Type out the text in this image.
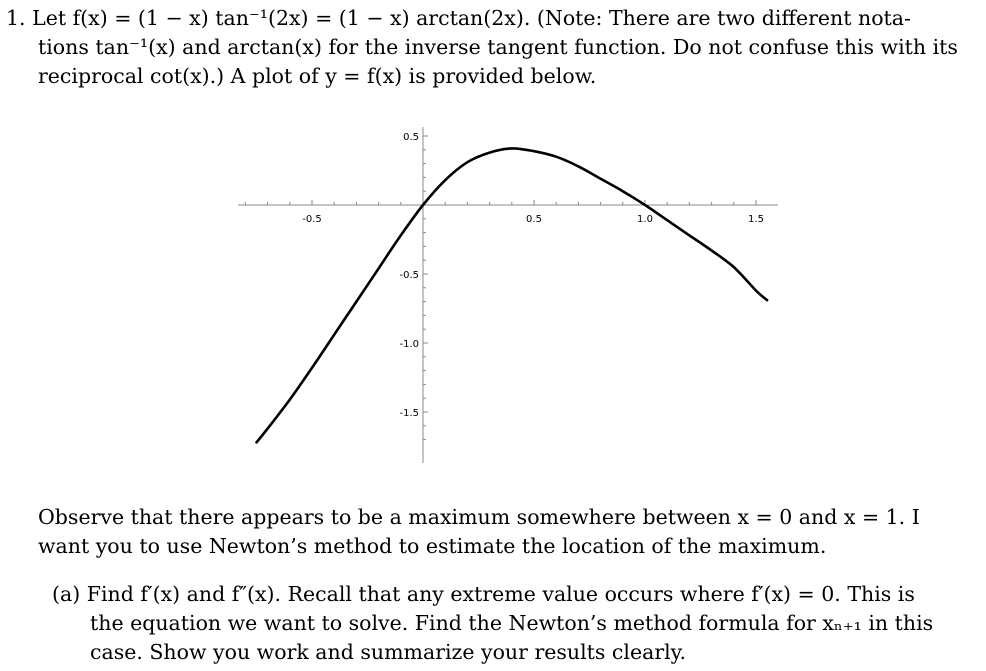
1. Let f(x) = (1 − x) tan⁻¹(2x) = (1 − x) arctan(2x). (Note: There are two different nota-
tions tan⁻¹(x) and arctan(x) for the inverse tangent function. Do not confuse this with its
reciprocal cot(x).) A plot of y = f(x) is provided below.
-0.5	0.5	1.0	1.5
0.5
-0.5
-1.0
-1.5
Observe that there appears to be a maximum somewhere between x = 0 and x = 1. I
want you to use Newton’s method to estimate the location of the maximum.
(a) Find f′(x) and f″(x). Recall that any extreme value occurs where f′(x) = 0. This is
the equation we want to solve. Find the Newton’s method formula for xₙ₊₁ in this
case. Show you work and summarize your results clearly.
